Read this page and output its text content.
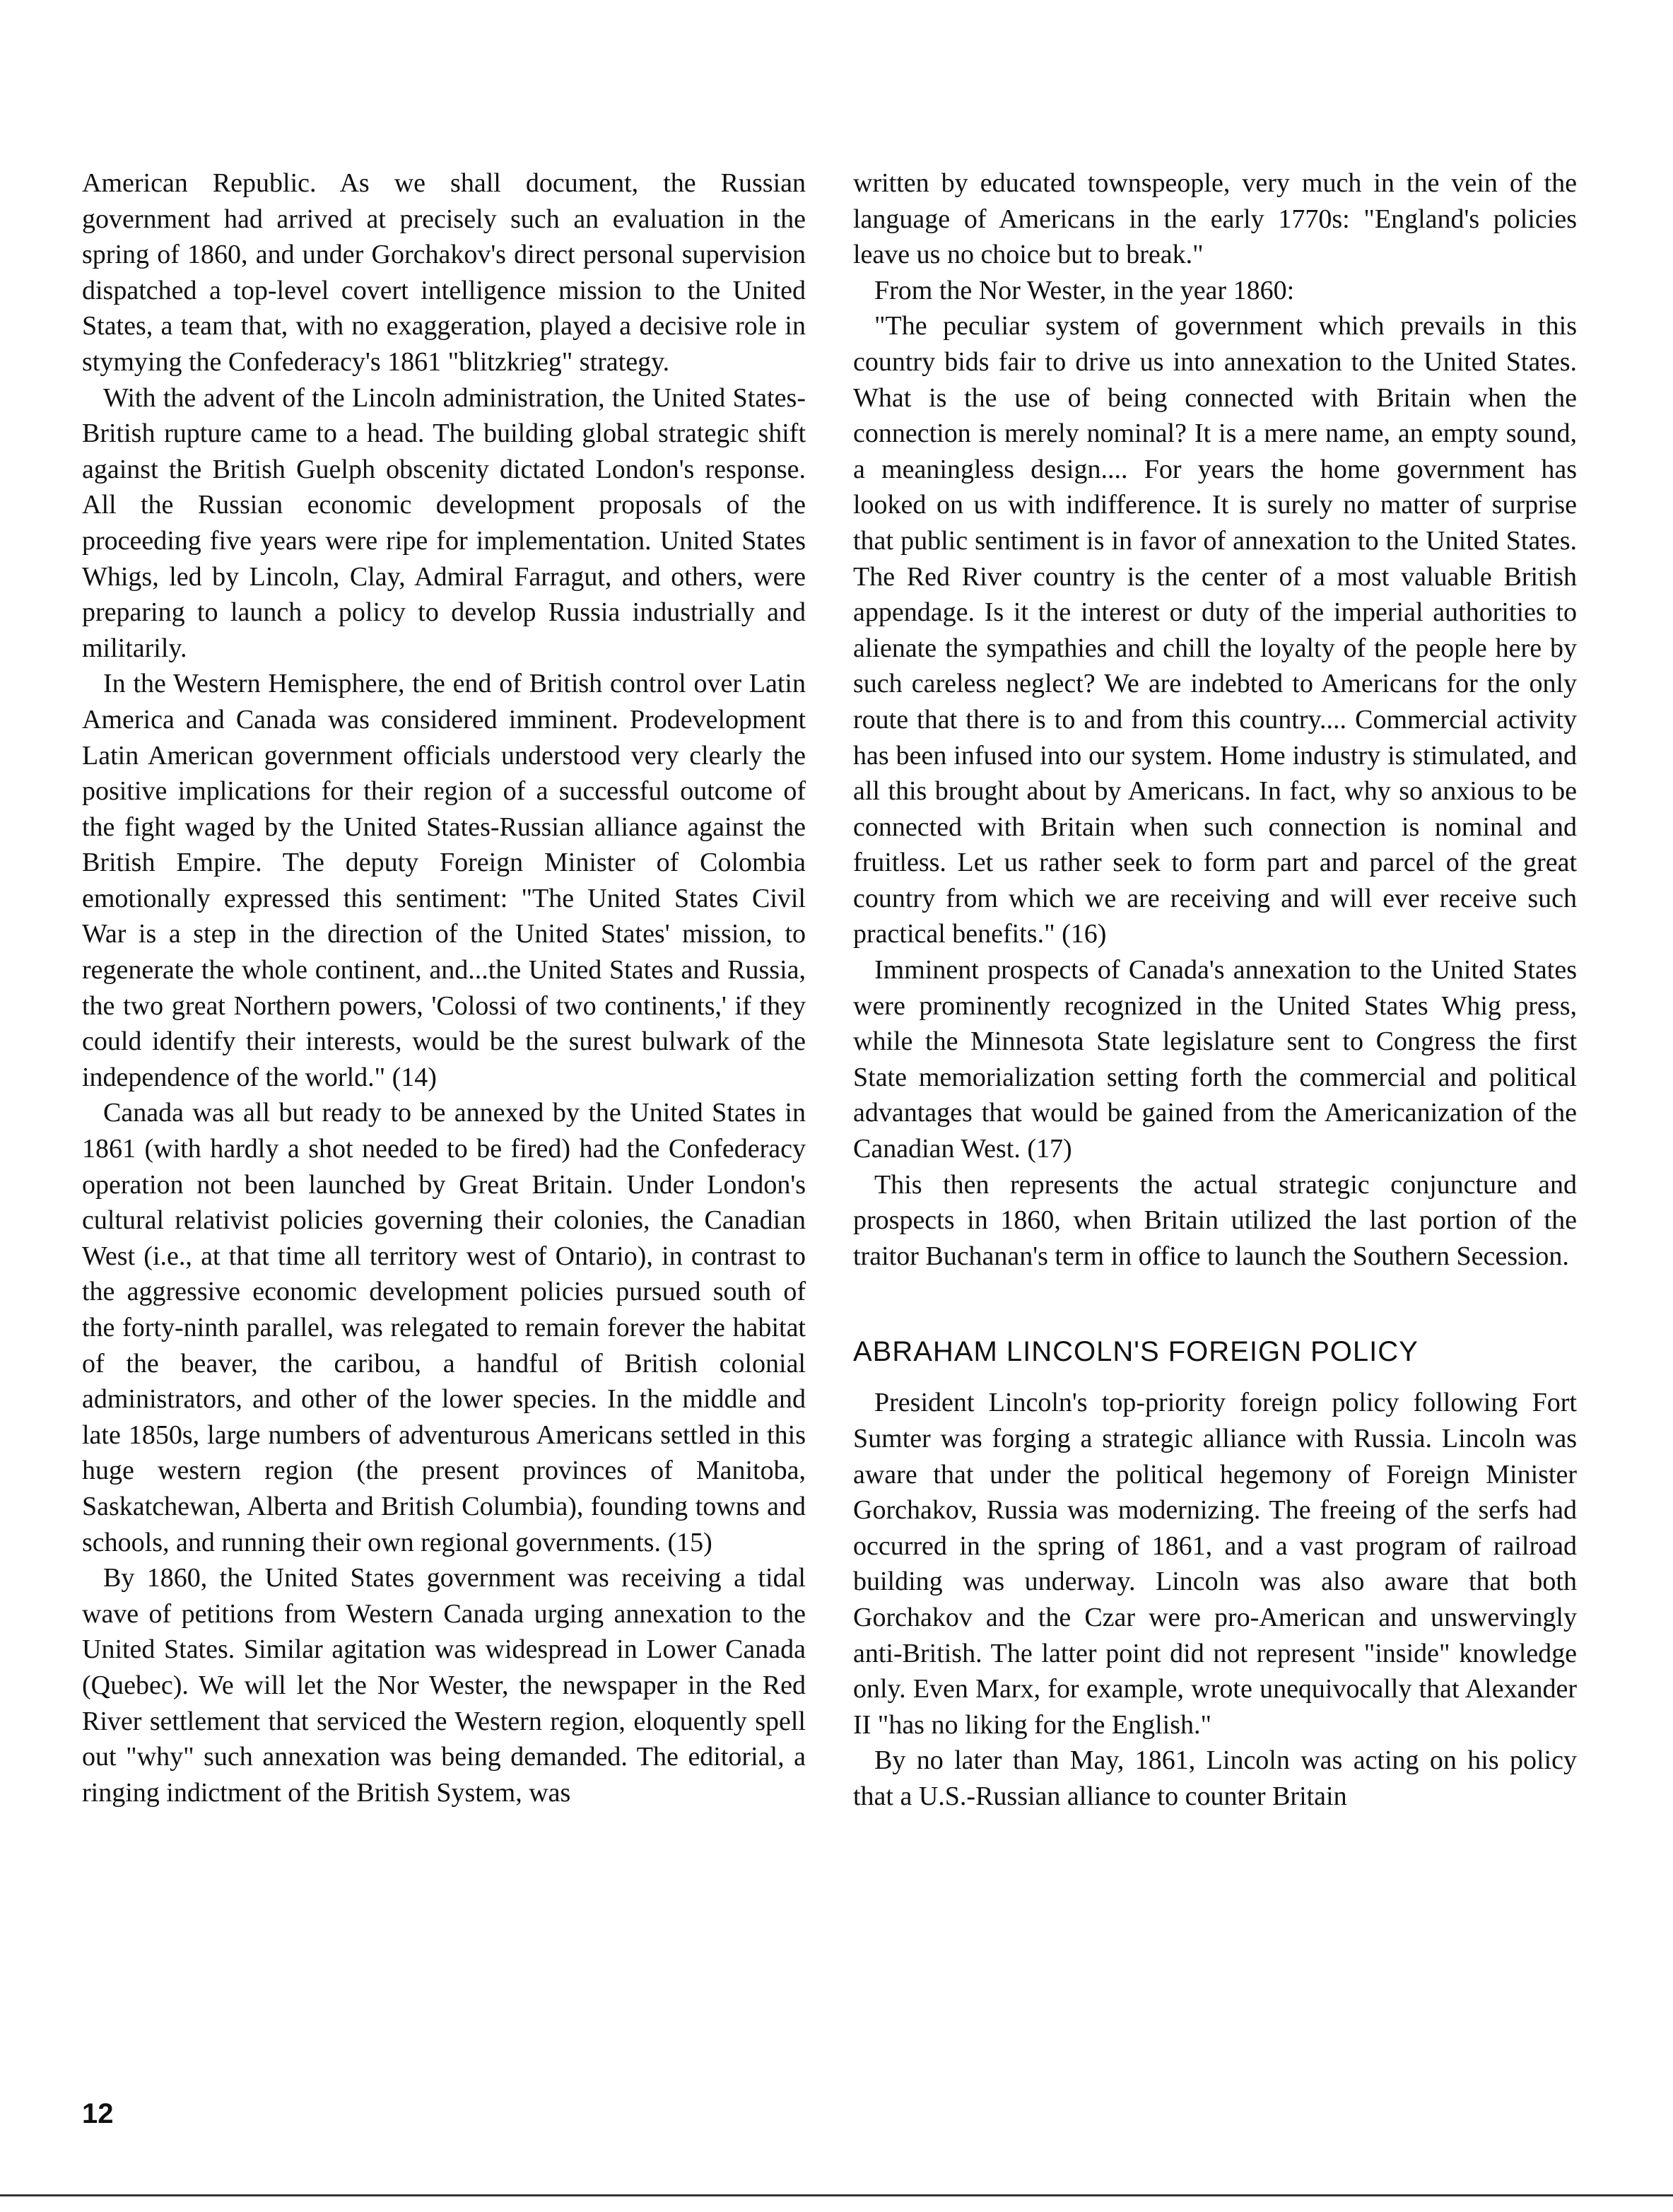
American Republic. As we shall document, the Russian government had arrived at precisely such an evaluation in the spring of 1860, and under Gorchakov's direct personal supervision dispatched a top-level covert intelligence mission to the United States, a team that, with no exaggeration, played a decisive role in stymying the Confederacy's 1861 "blitzkrieg" strategy.

With the advent of the Lincoln administration, the United States-British rupture came to a head. The building global strategic shift against the British Guelph obscenity dictated London's response. All the Russian economic development proposals of the proceeding five years were ripe for implementation. United States Whigs, led by Lincoln, Clay, Admiral Farragut, and others, were preparing to launch a policy to develop Russia industrially and militarily.

In the Western Hemisphere, the end of British control over Latin America and Canada was considered imminent. Prodevelopment Latin American government officials understood very clearly the positive implications for their region of a successful outcome of the fight waged by the United States-Russian alliance against the British Empire. The deputy Foreign Minister of Colombia emotionally expressed this sentiment: "The United States Civil War is a step in the direction of the United States' mission, to regenerate the whole continent, and...the United States and Russia, the two great Northern powers, 'Colossi of two continents,' if they could identify their interests, would be the surest bulwark of the independence of the world." (14)

Canada was all but ready to be annexed by the United States in 1861 (with hardly a shot needed to be fired) had the Confederacy operation not been launched by Great Britain. Under London's cultural relativist policies governing their colonies, the Canadian West (i.e., at that time all territory west of Ontario), in contrast to the aggressive economic development policies pursued south of the forty-ninth parallel, was relegated to remain forever the habitat of the beaver, the caribou, a handful of British colonial administrators, and other of the lower species. In the middle and late 1850s, large numbers of adventurous Americans settled in this huge western region (the present provinces of Manitoba, Saskatchewan, Alberta and British Columbia), founding towns and schools, and running their own regional governments. (15)

By 1860, the United States government was receiving a tidal wave of petitions from Western Canada urging annexation to the United States. Similar agitation was widespread in Lower Canada (Quebec). We will let the Nor Wester, the newspaper in the Red River settlement that serviced the Western region, eloquently spell out "why" such annexation was being demanded. The editorial, a ringing indictment of the British System, was

written by educated townspeople, very much in the vein of the language of Americans in the early 1770s: "England's policies leave us no choice but to break."

From the Nor Wester, in the year 1860:

"The peculiar system of government which prevails in this country bids fair to drive us into annexation to the United States. What is the use of being connected with Britain when the connection is merely nominal? It is a mere name, an empty sound, a meaningless design.... For years the home government has looked on us with indifference. It is surely no matter of surprise that public sentiment is in favor of annexation to the United States. The Red River country is the center of a most valuable British appendage. Is it the interest or duty of the imperial authorities to alienate the sympathies and chill the loyalty of the people here by such careless neglect? We are indebted to Americans for the only route that there is to and from this country.... Commercial activity has been infused into our system. Home industry is stimulated, and all this brought about by Americans. In fact, why so anxious to be connected with Britain when such connection is nominal and fruitless. Let us rather seek to form part and parcel of the great country from which we are receiving and will ever receive such practical benefits." (16)

Imminent prospects of Canada's annexation to the United States were prominently recognized in the United States Whig press, while the Minnesota State legislature sent to Congress the first State memorialization setting forth the commercial and political advantages that would be gained from the Americanization of the Canadian West. (17)

This then represents the actual strategic conjuncture and prospects in 1860, when Britain utilized the last portion of the traitor Buchanan's term in office to launch the Southern Secession.

ABRAHAM LINCOLN'S FOREIGN POLICY

President Lincoln's top-priority foreign policy following Fort Sumter was forging a strategic alliance with Russia. Lincoln was aware that under the political hegemony of Foreign Minister Gorchakov, Russia was modernizing. The freeing of the serfs had occurred in the spring of 1861, and a vast program of railroad building was underway. Lincoln was also aware that both Gorchakov and the Czar were pro-American and unswervingly anti-British. The latter point did not represent "inside" knowledge only. Even Marx, for example, wrote unequivocally that Alexander II "has no liking for the English."

By no later than May, 1861, Lincoln was acting on his policy that a U.S.-Russian alliance to counter Britain

12
